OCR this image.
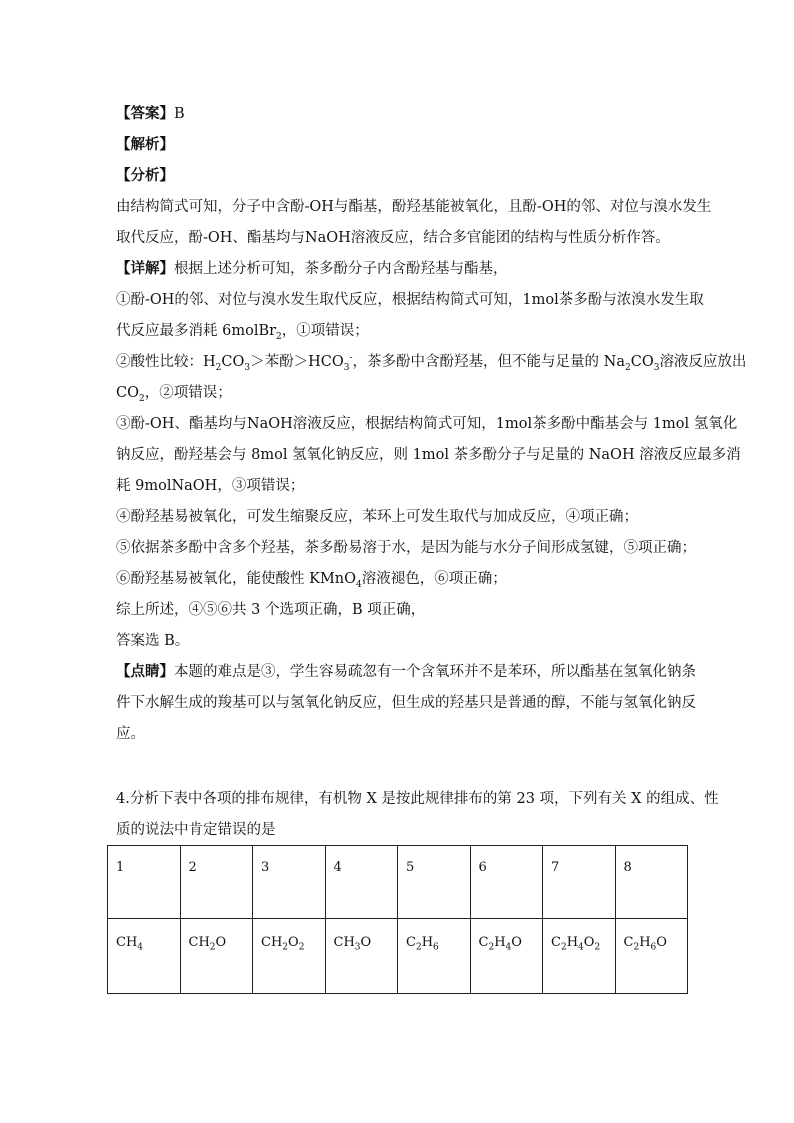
【答案】B
【解析】
【分析】
由结构简式可知，分子中含酚-OH与酯基，酚羟基能被氧化，且酚-OH的邻、对位与溴水发生
取代反应，酚-OH、酯基均与NaOH溶液反应，结合多官能团的结构与性质分析作答。
【详解】根据上述分析可知，茶多酚分子内含酚羟基与酯基，
①酚-OH的邻、对位与溴水发生取代反应，根据结构简式可知，1mol茶多酚与浓溴水发生取
代反应最多消耗 6molBr$_2$，①项错误；
②酸性比较：$H_2CO_3>$苯酚$>HCO_3^-$，茶多酚中含酚羟基，但不能与足量的 $Na_2CO_3$溶液反应放出
$CO_2$，②项错误；
③酚-OH、酯基均与NaOH溶液反应，根据结构简式可知，1mol茶多酚中酯基会与 1mol 氢氧化
钠反应，酚羟基会与 8mol 氢氧化钠反应，则 1mol 茶多酚分子与足量的 NaOH 溶液反应最多消
耗 9molNaOH，③项错误；
④酚羟基易被氧化，可发生缩聚反应，苯环上可发生取代与加成反应，④项正确；
⑤依据茶多酚中含多个羟基，茶多酚易溶于水，是因为能与水分子间形成氢键，⑤项正确；
⑥酚羟基易被氧化，能使酸性 KMnO$_4$溶液褪色，⑥项正确；
综上所述，④⑤⑥共 3 个选项正确，B 项正确，
答案选 B。
【点睛】本题的难点是③，学生容易疏忽有一个含氧环并不是苯环，所以酯基在氢氧化钠条
件下水解生成的羧基可以与氢氧化钠反应，但生成的羟基只是普通的醇，不能与氢氧化钠反
应。
4.分析下表中各项的排布规律，有机物 X 是按此规律排布的第 23 项，下列有关 X 的组成、性
质的说法中肯定错误的是
1	2	3	4	5	6	7	8
$CH_4$	$CH_2O$	$CH_2O_2$	$CH_3O$	$C_2H_6$	$C_2H_4O$	$C_2H_4O_2$	$C_2H_6O$
